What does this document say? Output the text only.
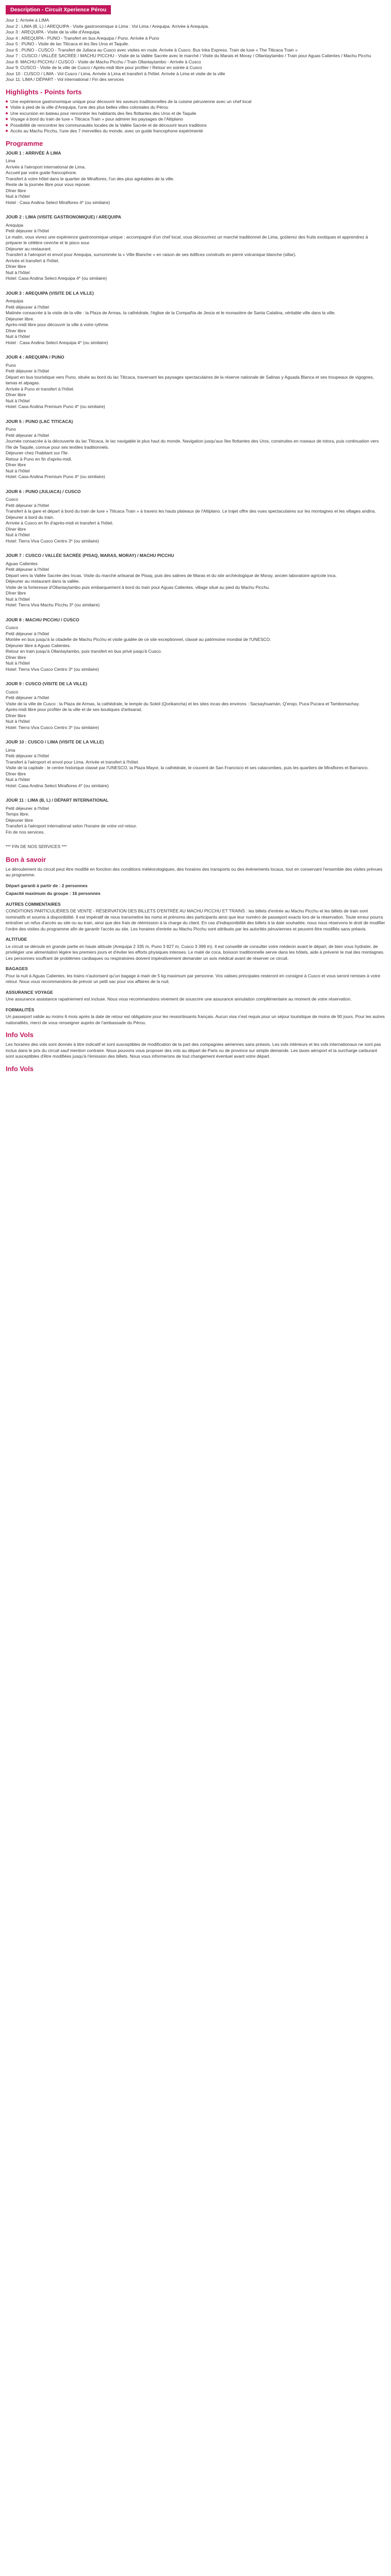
Description - Circuit Xperience Pérou
Jour 1: Arrivée à LIMA
Jour 2 : LIMA (B, L) / AREQUIPA - Visite gastronomique à Lima : Vol Lima / Arequipa. Arrivée à Arequipa.
Jour 3 : AREQUIPA - Visite de la ville d'Arequipa.
Jour 4 : AREQUIPA - PUNO - Transfert en bus Arequipa / Puno. Arrivée à Puno
Jour 5 : PUNO - Visite de lac Titicaca et les îles Uros et Taquile.
Jour 6 : PUNO - CUSCO - Transfert de Juliaca au Cusco avec visites en route. Arrivée à Cusco. Bus Inka Express. Train de luxe « The Titicaca Train »
Jour 7 : CUSCO / VALLÉE SACRÉE / MACHU PICCHU - Visite de la Vallée Sacrée avec le marché / Visite du Marais et Moray / Ollantaytambo / Train pour Aguas Calientes / Machu Picchu
Jour 8: MACHU PICCHU / CUSCO - Visite de Machu Picchu / Train Ollantaytambo - Arrivée à Cusco
Jour 9: CUSCO - Visite de la ville de Cusco / Après-midi libre pour profiter / Retour en soirée à Cusco
Jour 10 : CUSCO / LIMA - Vol Cusco / Lima. Arrivée à Lima et transfert à l'hôtel. Arrivée à Lima et visite de la ville
Jour 11: LIMA / DÉPART - Vol international / Fin des services
Highlights - Points forts
Une expérience gastronomique unique pour découvrir les saveurs traditionnelles de la cuisine péruvienne avec un chef local
Visite à pied de la ville d'Arequipa, l'une des plus belles villes coloniales du Pérou
Une excursion en bateau pour rencontrer les habitants des îles flottantes des Uros et de Taquile
Voyage à bord du train de luxe « Titicaca Train » pour admirer les paysages de l'Altiplano
Possibilité de rencontrer les communautés locales de la Vallée Sacrée et de découvrir leurs traditions
Accès au Machu Picchu, l'une des 7 merveilles du monde, avec un guide francophone expérimenté
Programme
JOUR 1 : ARRIVÉE À LIMA
Lima
Arrivée à l'aéroport international de Lima.
Accueil par votre guide francophone.
Transfert à votre hôtel dans le quartier de Miraflores, l'un des plus agréables de la ville.
Reste de la journée libre pour vous reposer.
Dîner libre
Nuit à l'hôtel
Hotel : Casa Andina Select Miraflores 4* (ou similaire)
JOUR 2 : LIMA (VISITE GASTRONOMIQUE) / AREQUIPA
Arequipa
Petit déjeuner à l'hôtel
Le matin, vous vivrez une expérience gastronomique unique : accompagné d'un chef local, vous découvrirez un marché traditionnel de Lima, goûterez des fruits exotiques et apprendrez à préparer le célèbre ceviche et le pisco sour.
Déjeuner au restaurant.
Transfert à l'aéroport et envol pour Arequipa, surnommée la « Ville Blanche » en raison de ses édifices construits en pierre volcanique blanche (sillar).
Arrivée et transfert à l'hôtel.
Dîner libre
Nuit à l'hôtel
Hotel: Casa Andina Select Arequipa 4* (ou similaire)
JOUR 3 : AREQUIPA (VISITE DE LA VILLE)
Arequipa
Petit déjeuner à l'hôtel
Matinée consacrée à la visite de la ville : la Plaza de Armas, la cathédrale, l'église de la Compañía de Jesús et le monastère de Santa Catalina, véritable ville dans la ville.
Déjeuner libre.
Après-midi libre pour découvrir la ville à votre rythme.
Dîner libre
Nuit à l'hôtel
Hotel : Casa Andina Select Arequipa 4* (ou similaire)
JOUR 4 : AREQUIPA / PUNO
Puno
Petit déjeuner à l'hôtel
Départ en bus touristique vers Puno, située au bord du lac Titicaca, traversant les paysages spectaculaires de la réserve nationale de Salinas y Aguada Blanca et ses troupeaux de vigognes, lamas et alpagas.
Arrivée à Puno et transfert à l'hôtel.
Dîner libre
Nuit à l'hôtel
Hotel: Casa Andina Premium Puno 4* (ou similaire)
JOUR 5 : PUNO (LAC TITICACA)
Puno
Petit déjeuner à l'hôtel
Journée consacrée à la découverte du lac Titicaca, le lac navigable le plus haut du monde. Navigation jusqu'aux îles flottantes des Uros, construites en roseaux de totora, puis continuation vers l'île de Taquile, connue pour ses textiles traditionnels.
Déjeuner chez l'habitant sur l'île.
Retour à Puno en fin d'après-midi.
Dîner libre
Nuit à l'hôtel
Hotel: Casa Andina Premium Puno 4* (ou similaire)
JOUR 6 : PUNO (JULIACA) / CUSCO
Cusco
Petit déjeuner à l'hôtel
Transfert à la gare et départ à bord du train de luxe « Titicaca Train » à travers les hauts plateaux de l'Altiplano. Le trajet offre des vues spectaculaires sur les montagnes et les villages andins.
Déjeuner à bord du train.
Arrivée à Cusco en fin d'après-midi et transfert à l'hôtel.
Dîner libre
Nuit à l'hôtel
Hotel: Tierra Viva Cusco Centro 3* (ou similaire)
JOUR 7 : CUSCO / VALLÉE SACRÉE (PISAQ, MARAS, MORAY) / MACHU PICCHU
Aguas Calientes
Petit déjeuner à l'hôtel
Départ vers la Vallée Sacrée des Incas. Visite du marché artisanal de Pisaq, puis des salines de Maras et du site archéologique de Moray, ancien laboratoire agricole inca.
Déjeuner au restaurant dans la vallée.
Visite de la forteresse d'Ollantaytambo puis embarquement à bord du train pour Aguas Calientes, village situé au pied du Machu Picchu.
Dîner libre
Nuit à l'hôtel
Hotel: Tierra Viva Machu Picchu 3* (ou similaire)
JOUR 8 : MACHU PICCHU / CUSCO
Cusco
Petit déjeuner à l'hôtel
Montée en bus jusqu'à la citadelle de Machu Picchu et visite guidée de ce site exceptionnel, classé au patrimoine mondial de l'UNESCO.
Déjeuner libre à Aguas Calientes.
Retour en train jusqu'à Ollantaytambo, puis transfert en bus privé jusqu'à Cusco.
Dîner libre
Nuit à l'hôtel
Hotel: Tierra Viva Cusco Centro 3* (ou similaire)
JOUR 9 : CUSCO (VISITE DE LA VILLE)
Cusco
Petit déjeuner à l'hôtel
Visite de la ville de Cusco : la Plaza de Armas, la cathédrale, le temple du Soleil (Qorikancha) et les sites incas des environs : Sacsayhuamán, Q'enqo, Puca Pucara et Tambomachay.
Après-midi libre pour profiter de la ville et de ses boutiques d'artisanat.
Dîner libre
Nuit à l'hôtel
Hotel: Tierra Viva Cusco Centro 3* (ou similaire)
JOUR 10 : CUSCO / LIMA (VISITE DE LA VILLE)
Lima
Petit déjeuner à l'hôtel
Transfert à l'aéroport et envol pour Lima. Arrivée et transfert à l'hôtel.
Visite de la capitale : le centre historique classé par l'UNESCO, la Plaza Mayor, la cathédrale, le couvent de San Francisco et ses catacombes, puis les quartiers de Miraflores et Barranco.
Dîner libre
Nuit à l'hôtel
Hotel: Casa Andina Select Miraflores 4* (ou similaire)
JOUR 11 : LIMA (B, L) / DÉPART INTERNATIONAL
Petit déjeuner à l'hôtel
Temps libre.
Déjeuner libre
Transfert à l'aéroport international selon l'horaire de votre vol retour.
Fin de nos services.
*** FIN DE NOS SERVICES ***
Bon à savoir

Le déroulement du circuit peut être modifié en fonction des conditions météorologiques, des horaires des transports ou des événements locaux, tout en conservant l'ensemble des visites prévues au programme.

Départ garanti à partir de : 2 personnes
Capacité maximum du groupe : 16 personnes
AUTRES COMMENTAIRES

CONDITIONS PARTICULIÈRES DE VENTE - RÉSERVATION DES BILLETS D'ENTRÉE AU MACHU PICCHU ET TRAINS : les billets d'entrée au Machu Picchu et les billets de train sont nominatifs et soumis à disponibilité. Il est impératif de nous transmettre les noms et prénoms des participants ainsi que leur numéro de passeport exacts lors de la réservation. Toute erreur pourra entraîner un refus d'accès au site ou au train, ainsi que des frais de réémission à la charge du client. En cas d'indisponibilité des billets à la date souhaitée, nous nous réservons le droit de modifier l'ordre des visites du programme afin de garantir l'accès au site. Les horaires d'entrée au Machu Picchu sont attribués par les autorités péruviennes et peuvent être modifiés sans préavis.

ALTITUDE

Le circuit se déroule en grande partie en haute altitude (Arequipa 2 335 m, Puno 3 827 m, Cusco 3 399 m). Il est conseillé de consulter votre médecin avant le départ, de bien vous hydrater, de privilégier une alimentation légère les premiers jours et d'éviter les efforts physiques intenses. Le maté de coca, boisson traditionnelle servie dans les hôtels, aide à prévenir le mal des montagnes. Les personnes souffrant de problèmes cardiaques ou respiratoires doivent impérativement demander un avis médical avant de réserver ce circuit.

BAGAGES

Pour la nuit à Aguas Calientes, les trains n'autorisent qu'un bagage à main de 5 kg maximum par personne. Vos valises principales resteront en consigne à Cusco et vous seront remises à votre retour. Nous vous recommandons de prévoir un petit sac pour vos affaires de la nuit.

ASSURANCE VOYAGE

Une assurance assistance rapatriement est incluse. Nous vous recommandons vivement de souscrire une assurance annulation complémentaire au moment de votre réservation.

FORMALITÉS

Un passeport valide au moins 6 mois après la date de retour est obligatoire pour les ressortissants français. Aucun visa n'est requis pour un séjour touristique de moins de 90 jours. Pour les autres nationalités, merci de vous renseigner auprès de l'ambassade du Pérou.

Info Vols

Les horaires des vols sont donnés à titre indicatif et sont susceptibles de modification de la part des compagnies aériennes sans préavis. Les vols intérieurs et les vols internationaux ne sont pas inclus dans le prix du circuit sauf mention contraire. Nous pouvons vous proposer des vols au départ de Paris ou de province sur simple demande. Les taxes aéroport et la surcharge carburant sont susceptibles d'être modifiées jusqu'à l'émission des billets. Nous vous informerons de tout changement éventuel avant votre départ.

Info Vols
